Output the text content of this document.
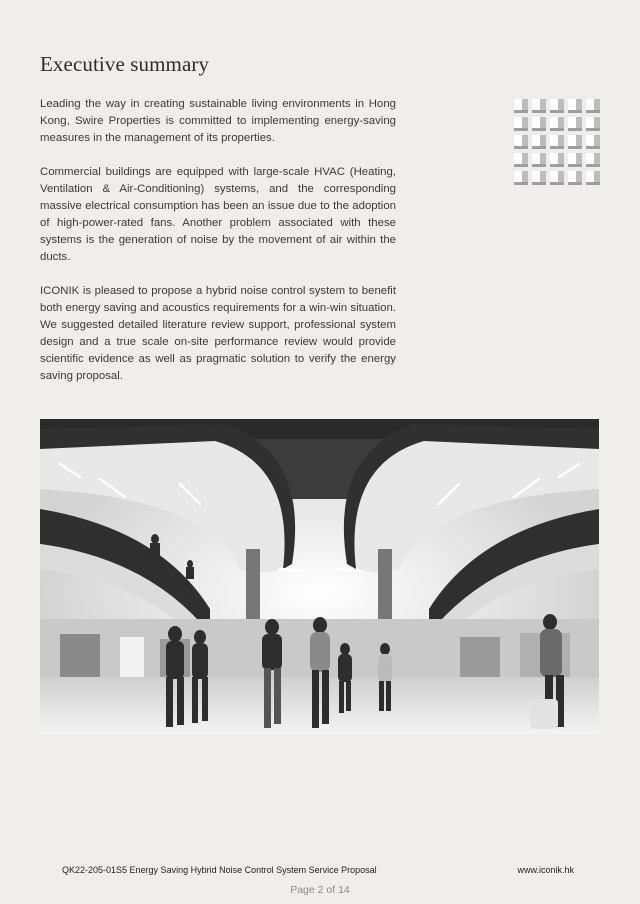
Executive summary

Leading the way in creating sustainable living environments in Hong Kong, Swire Properties is committed to implementing energy-saving measures in the management of its properties.

Commercial buildings are equipped with large-scale HVAC (Heating, Ventilation & Air-Conditioning) systems, and the corresponding massive electrical consumption has been an issue due to the adoption of high-power-rated fans. Another problem associated with these systems is the generation of noise by the movement of air within the ducts.

ICONIK is pleased to propose a hybrid noise control system to benefit both energy saving and acoustics requirements for a win-win situation. We suggested detailed literature review support, professional system design and a true scale on-site performance review would provide scientific evidence as well as pragmatic solution to verify the energy saving proposal.

QK22-205-01S5 Energy Saving Hybrid Noise Control System Service Proposal	www.iconik.hk
Page 2 of 14
